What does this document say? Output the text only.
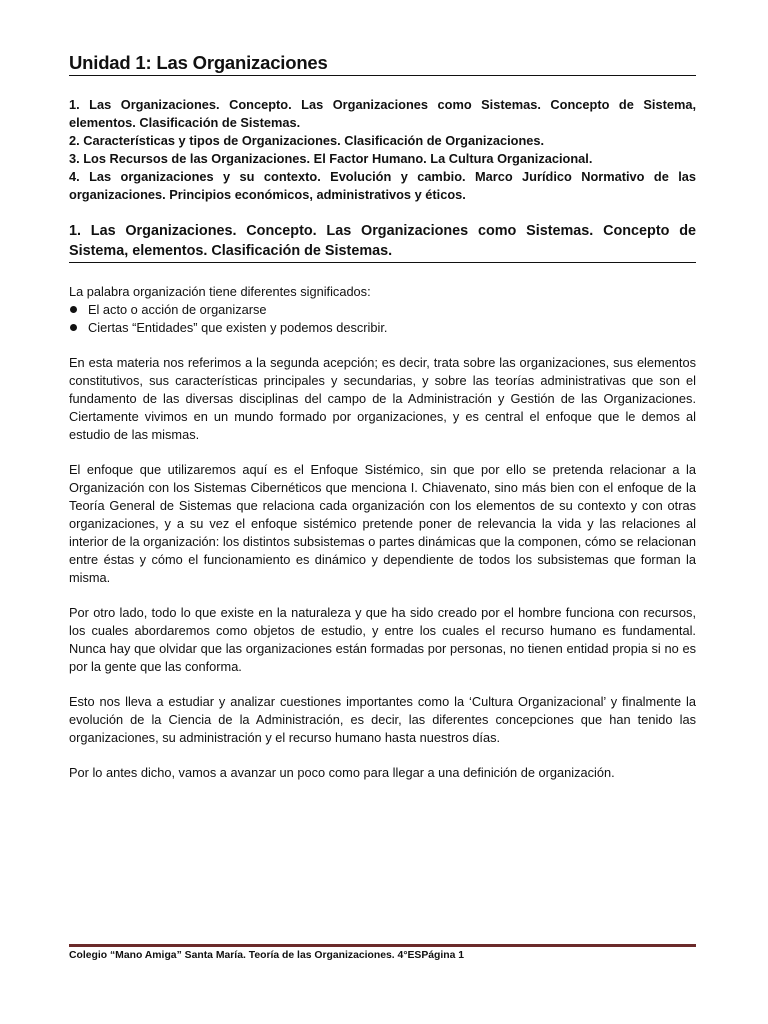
Unidad 1: Las Organizaciones

1. Las Organizaciones. Concepto. Las Organizaciones como Sistemas. Concepto de Sistema, elementos. Clasificación de Sistemas.

2. Características y tipos de Organizaciones. Clasificación de Organizaciones.

3. Los Recursos de las Organizaciones. El Factor Humano. La Cultura Organizacional.

4. Las organizaciones y su contexto. Evolución y cambio. Marco Jurídico Normativo de las organizaciones. Principios económicos, administrativos y éticos.

1. Las Organizaciones. Concepto. Las Organizaciones como Sistemas. Concepto de Sistema, elementos. Clasificación de Sistemas.

La palabra organización tiene diferentes significados:

El acto o acción de organizarse
Ciertas “Entidades” que existen y podemos describir.

En esta materia nos referimos a la segunda acepción; es decir, trata sobre las organizaciones, sus elementos constitutivos, sus características principales y secundarias, y sobre las teorías administrativas que son el fundamento de las diversas disciplinas del campo de la Administración y Gestión de las Organizaciones. Ciertamente vivimos en un mundo formado por organizaciones, y es central el enfoque que le demos al estudio de las mismas.

El enfoque que utilizaremos aquí es el Enfoque Sistémico, sin que por ello se pretenda relacionar a la Organización con los Sistemas Cibernéticos que menciona I. Chiavenato, sino más bien con el enfoque de la Teoría General de Sistemas que relaciona cada organización con los elementos de su contexto y con otras organizaciones, y a su vez el enfoque sistémico pretende poner de relevancia la vida y las relaciones al interior de la organización: los distintos subsistemas o partes dinámicas que la componen, cómo se relacionan entre éstas y cómo el funcionamiento es dinámico y dependiente de todos los subsistemas que forman la misma.

Por otro lado, todo lo que existe en la naturaleza y que ha sido creado por el hombre funciona con recursos, los cuales abordaremos como objetos de estudio, y entre los cuales el recurso humano es fundamental. Nunca hay que olvidar que las organizaciones están formadas por personas, no tienen entidad propia si no es por la gente que las conforma.

Esto nos lleva a estudiar y analizar cuestiones importantes como la ‘Cultura Organizacional’ y finalmente la evolución de la Ciencia de la Administración, es decir, las diferentes concepciones que han tenido las organizaciones, su administración y el recurso humano hasta nuestros días.

Por lo antes dicho, vamos a avanzar un poco como para llegar a una definición de organización.

Colegio “Mano Amiga” Santa María. Teoría de las Organizaciones. 4°ESPágina 1
